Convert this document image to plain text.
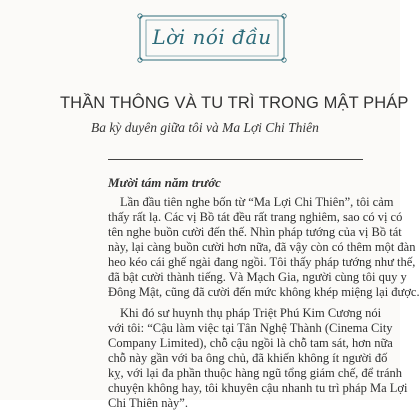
Lời nói đầu
THẦN THÔNG VÀ TU TRÌ TRONG MẬT PHÁP
Ba kỳ duyên giữa tôi và Ma Lợi Chi Thiên
Mười tám năm trước
Lần đầu tiên nghe bốn từ “Ma Lợi Chi Thiên”, tôi cảm
thấy rất lạ. Các vị Bồ tát đều rất trang nghiêm, sao có vị có
tên nghe buồn cười đến thế. Nhìn pháp tướng của vị Bồ tát
này, lại càng buồn cười hơn nữa, đã vậy còn có thêm một đàn
heo kéo cái ghế ngài đang ngồi. Tôi thấy pháp tướng như thế,
đã bật cười thành tiếng. Và Mạch Gia, người cùng tôi quy y
Đông Mật, cũng đã cười đến mức không khép miệng lại được.
Khi đó sư huynh thụ pháp Triệt Phú Kim Cương nói
với tôi: “Cậu làm việc tại Tân Nghệ Thành (Cinema City
Company Limited), chỗ cậu ngồi là chỗ tam sát, hơn nữa
chỗ này gần với ba ông chủ, đã khiến không ít người đố
kỵ, với lại đa phần thuộc hàng ngũ tổng giám chế, để tránh
chuyện không hay, tôi khuyên cậu nhanh tu trì pháp Ma Lợi
Chi Thiên này”.
